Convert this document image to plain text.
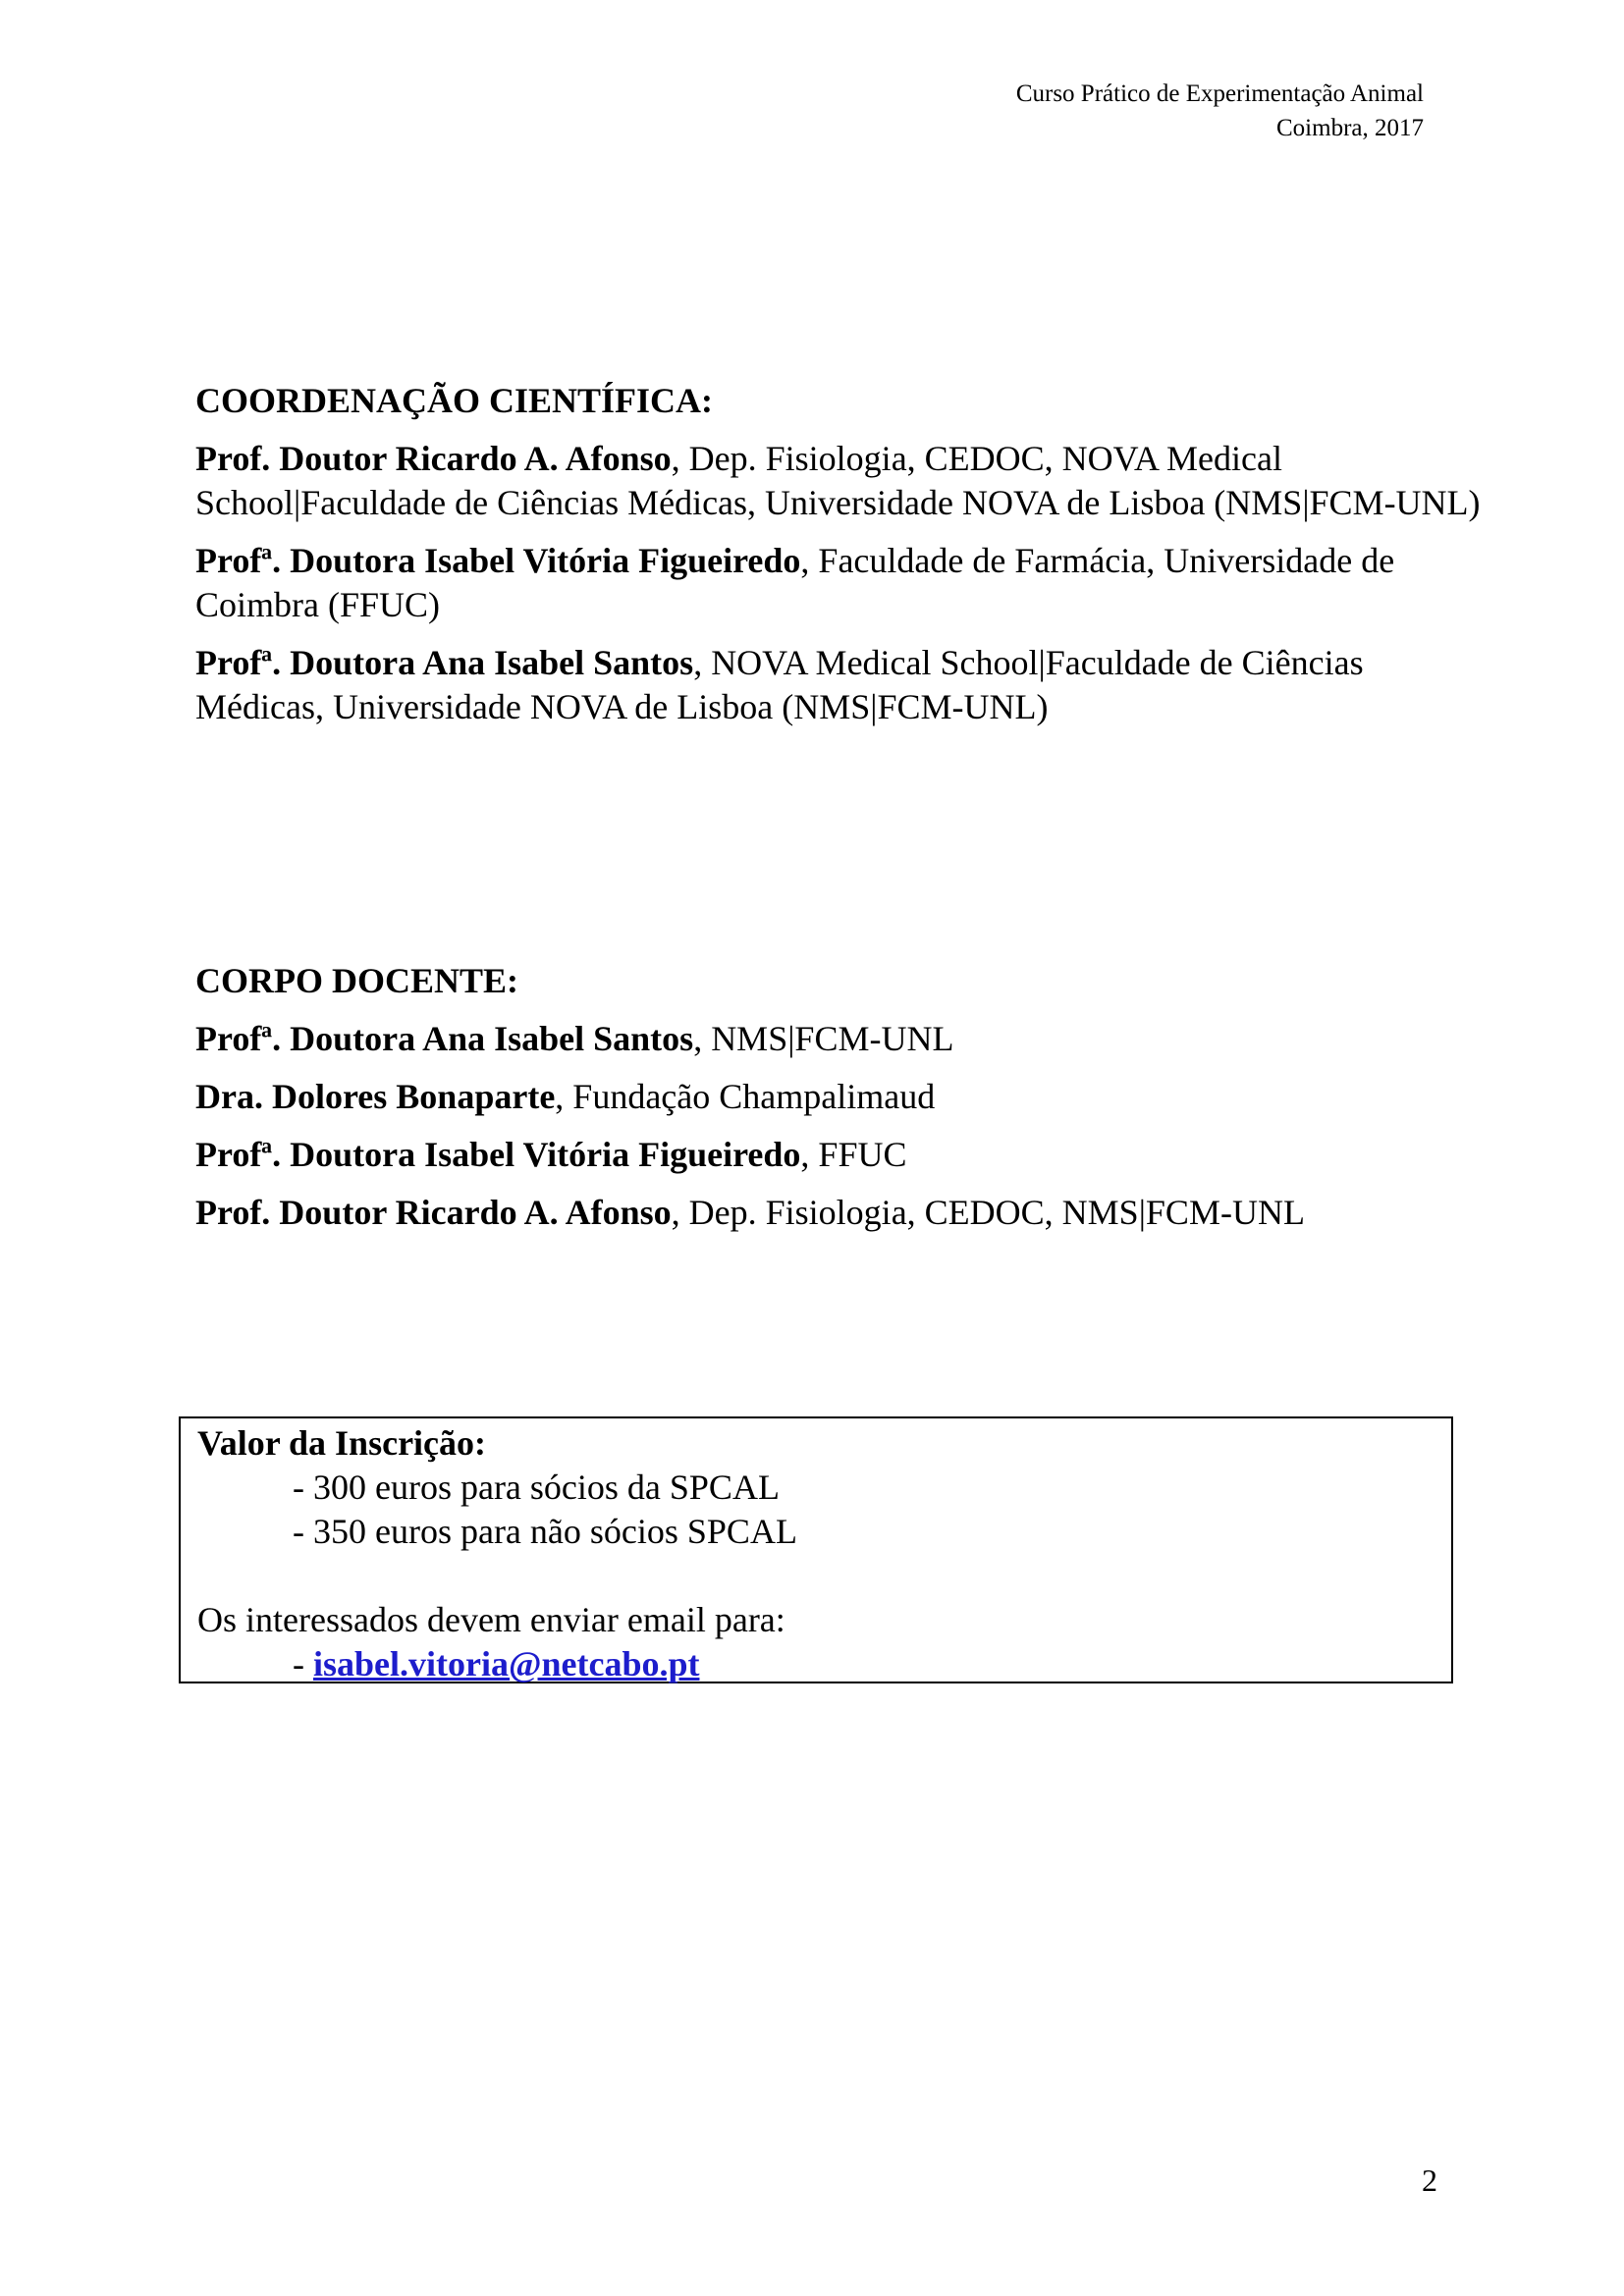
Curso Prático de Experimentação Animal
Coimbra, 2017
COORDENAÇÃO CIENTÍFICA:
Prof. Doutor Ricardo A. Afonso, Dep. Fisiologia, CEDOC, NOVA Medical School|Faculdade de Ciências Médicas, Universidade NOVA de Lisboa (NMS|FCM-UNL)
Profª. Doutora Isabel Vitória Figueiredo, Faculdade de Farmácia, Universidade de Coimbra (FFUC)
Profª. Doutora Ana Isabel Santos, NOVA Medical School|Faculdade de Ciências Médicas, Universidade NOVA de Lisboa (NMS|FCM-UNL)
CORPO DOCENTE:
Profª. Doutora Ana Isabel Santos, NMS|FCM-UNL
Dra. Dolores Bonaparte, Fundação Champalimaud
Profª. Doutora Isabel Vitória Figueiredo, FFUC
Prof. Doutor Ricardo A. Afonso, Dep. Fisiologia, CEDOC, NMS|FCM-UNL
Valor da Inscrição:
- 300 euros para sócios da SPCAL
- 350 euros para não sócios SPCAL
Os interessados devem enviar email para:
- isabel.vitoria@netcabo.pt
2
